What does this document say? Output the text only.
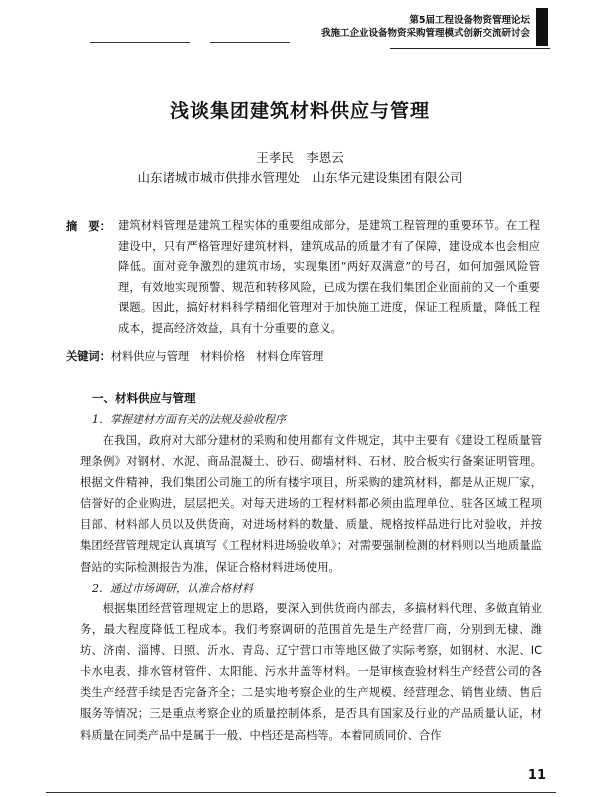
第5届工程设备物资管理论坛
我施工企业设备物资采购管理模式创新交流研讨会
浅谈集团建筑材料供应与管理
王孝民　李恩云
山东诸城市城市供排水管理处　山东华元建设集团有限公司
摘　要： 建筑材料管理是建筑工程实体的重要组成部分，是建筑工程管理的重要环节。在工程建设中，只有严格管理好建筑材料，建筑成品的质量才有了保障，建设成本也会相应降低。面对竞争激烈的建筑市场，实现集团“两好双满意”的号召，如何加强风险管理，有效地实现预警、规范和转移风险，已成为摆在我们集团企业面前的又一个重要课题。因此，搞好材料科学精细化管理对于加快施工进度，保证工程质量，降低工程成本，提高经济效益，具有十分重要的意义。
关键词：材料供应与管理　材料价格　材料仓库管理
一、材料供应与管理
1．掌握建材方面有关的法规及验收程序
在我国，政府对大部分建材的采购和使用都有文件规定，其中主要有《建设工程质量管理条例》对钢材、水泥、商品混凝土、砂石、砌墙材料、石材、胶合板实行备案证明管理。根据文件精神，我们集团公司施工的所有楼宇项目，所采购的建筑材料，都是从正规厂家，信誉好的企业购进，层层把关。对每天进场的工程材料都必须由监理单位、驻各区域工程项目部、材料部人员以及供货商，对进场材料的数量、质量、规格按样品进行比对验收，并按集团经营管理规定认真填写《工程材料进场验收单》；对需要强制检测的材料则以当地质量监督站的实际检测报告为准，保证合格材料进场使用。
2．通过市场调研，认准合格材料
根据集团经营管理规定上的思路，要深入到供货商内部去，多搞材料代理、多做直销业务，最大程度降低工程成本。我们考察调研的范围首先是生产经营厂商，分别到无棣、潍坊、济南、淄博、日照、沂水、青岛、辽宁营口市等地区做了实际考察，如钢材、水泥、IC卡水电表、排水管材管件、太阳能、污水井盖等材料。一是审核查验材料生产经营公司的各类生产经营手续是否完备齐全；二是实地考察企业的生产规模、经营理念、销售业绩、售后服务等情况；三是重点考察企业的质量控制体系，是否具有国家及行业的产品质量认证，材料质量在同类产品中是属于一般、中档还是高档等。本着同质同价、合作
11
